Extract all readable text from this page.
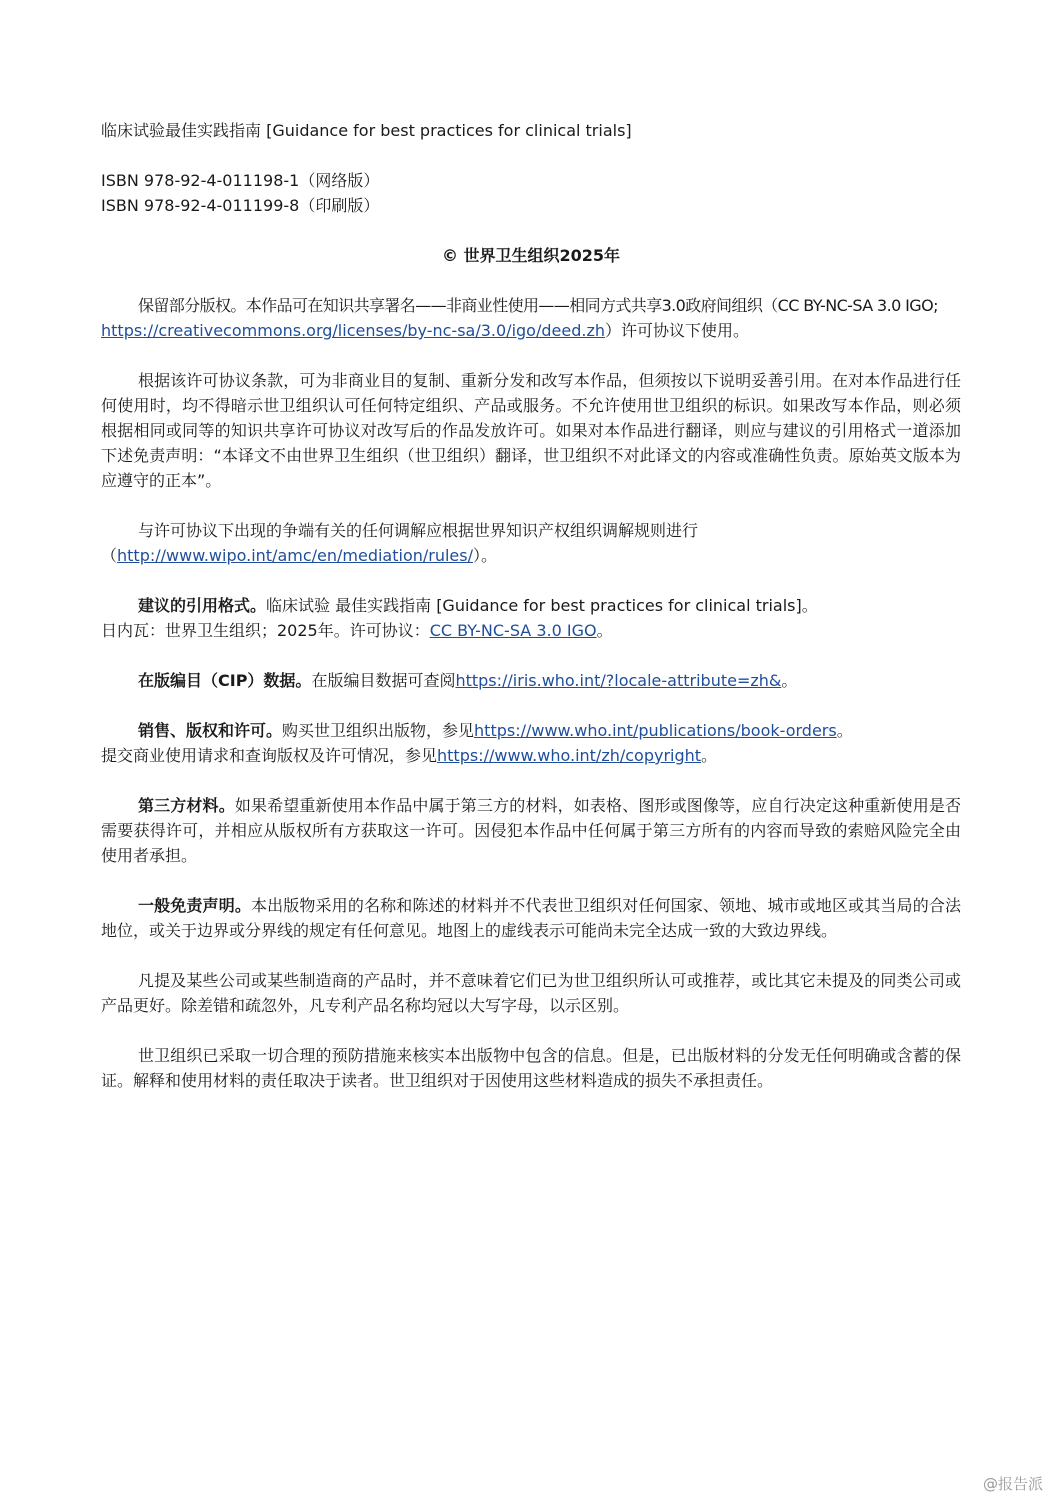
临床试验最佳实践指南 [Guidance for best practices for clinical trials]
ISBN 978-92-4-011198-1（网络版）
ISBN 978-92-4-011199-8（印刷版）
© 世界卫生组织2025年
保留部分版权。本作品可在知识共享署名——非商业性使用——相同方式共享3.0政府间组织（CC BY-NC-SA 3.0 IGO;
https://creativecommons.org/licenses/by-nc-sa/3.0/igo/deed.zh）许可协议下使用。
根据该许可协议条款，可为非商业目的复制、重新分发和改写本作品，但须按以下说明妥善引用。在对本作品进行任何使用时，均不得暗示世卫组织认可任何特定组织、产品或服务。不允许使用世卫组织的标识。如果改写本作品，则必须根据相同或同等的知识共享许可协议对改写后的作品发放许可。如果对本作品进行翻译，则应与建议的引用格式一道添加下述免责声明：“本译文不由世界卫生组织（世卫组织）翻译，世卫组织不对此译文的内容或准确性负责。原始英文版本为应遵守的正本”。
与许可协议下出现的争端有关的任何调解应根据世界知识产权组织调解规则进行
（http://www.wipo.int/amc/en/mediation/rules/）。
建议的引用格式。临床试验 最佳实践指南 [Guidance for best practices for clinical trials]。
日内瓦：世界卫生组织；2025年。许可协议：CC BY-NC-SA 3.0 IGO。
在版编目（CIP）数据。在版编目数据可查阅https://iris.who.int/?locale-attribute=zh&。
销售、版权和许可。购买世卫组织出版物，参见https://www.who.int/publications/book-orders。
提交商业使用请求和查询版权及许可情况，参见https://www.who.int/zh/copyright。
第三方材料。如果希望重新使用本作品中属于第三方的材料，如表格、图形或图像等，应自行决定这种重新使用是否需要获得许可，并相应从版权所有方获取这一许可。因侵犯本作品中任何属于第三方所有的内容而导致的索赔风险完全由使用者承担。
一般免责声明。本出版物采用的名称和陈述的材料并不代表世卫组织对任何国家、领地、城市或地区或其当局的合法地位，或关于边界或分界线的规定有任何意见。地图上的虚线表示可能尚未完全达成一致的大致边界线。
凡提及某些公司或某些制造商的产品时，并不意味着它们已为世卫组织所认可或推荐，或比其它未提及的同类公司或产品更好。除差错和疏忽外，凡专利产品名称均冠以大写字母，以示区别。
世卫组织已采取一切合理的预防措施来核实本出版物中包含的信息。但是，已出版材料的分发无任何明确或含蓄的保证。解释和使用材料的责任取决于读者。世卫组织对于因使用这些材料造成的损失不承担责任。
@报告派
